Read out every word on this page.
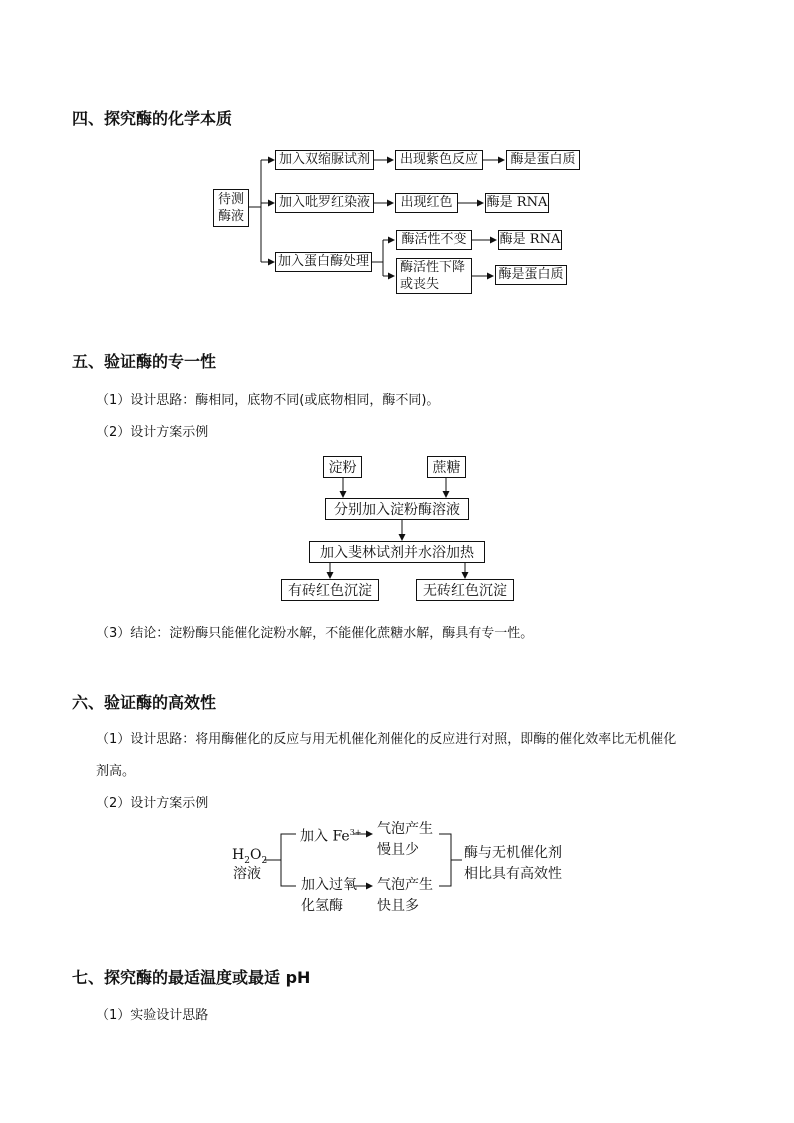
四、探究酶的化学本质
待测酶液
加入双缩脲试剂	出现紫色反应	酶是蛋白质
加入吡罗红染液	出现红色	酶是 RNA
加入蛋白酶处理
酶活性不变	酶是 RNA
酶活性下降或丧失
酶是蛋白质
五、验证酶的专一性
（1）设计思路：酶相同，底物不同(或底物相同，酶不同)。
（2）设计方案示例
淀粉	蔗糖
分别加入淀粉酶溶液
加入斐林试剂并水浴加热
有砖红色沉淀	无砖红色沉淀
（3）结论：淀粉酶只能催化淀粉水解，不能催化蔗糖水解，酶具有专一性。
六、验证酶的高效性
（1）设计思路：将用酶催化的反应与用无机催化剂催化的反应进行对照，即酶的催化效率比无机催化
剂高。
（2）设计方案示例
$H_2O_2$
溶液
加入 $Fe^{3+}$ 气泡产生
慢且少
加入过氧
化氢酶
气泡产生
快且多
酶与无机催化剂
相比具有高效性
七、探究酶的最适温度或最适 pH
（1）实验设计思路
